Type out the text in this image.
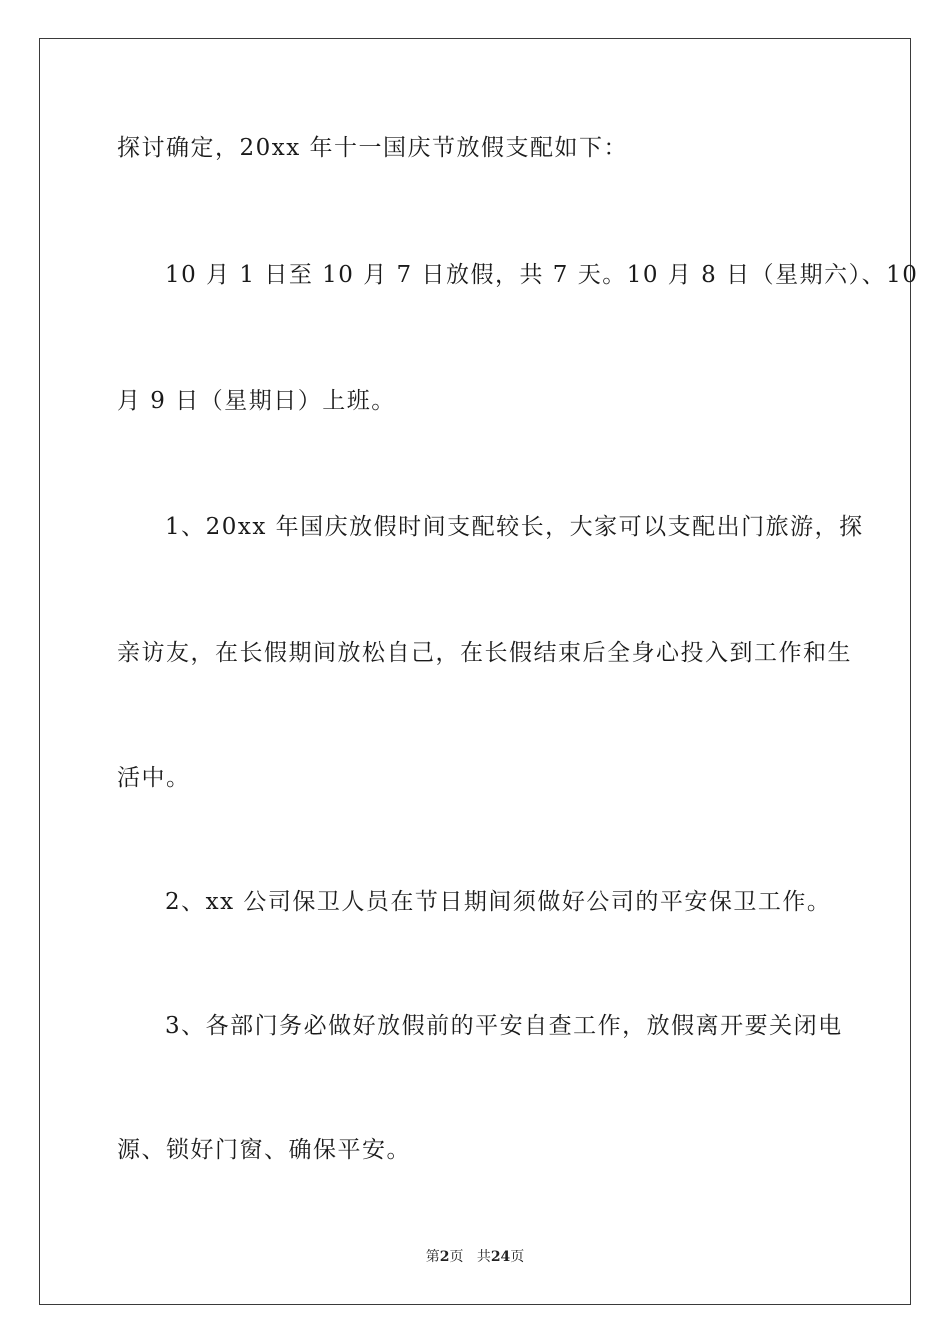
探讨确定，20xx 年十一国庆节放假支配如下：
10 月 1 日至 10 月 7 日放假，共 7 天。10 月 8 日（星期六）、10
月 9 日（星期日）上班。
1、20xx 年国庆放假时间支配较长，大家可以支配出门旅游，探
亲访友，在长假期间放松自己，在长假结束后全身心投入到工作和生
活中。
2、xx 公司保卫人员在节日期间须做好公司的平安保卫工作。
3、各部门务必做好放假前的平安自查工作，放假离开要关闭电
源、锁好门窗、确保平安。
第2页 共24页
